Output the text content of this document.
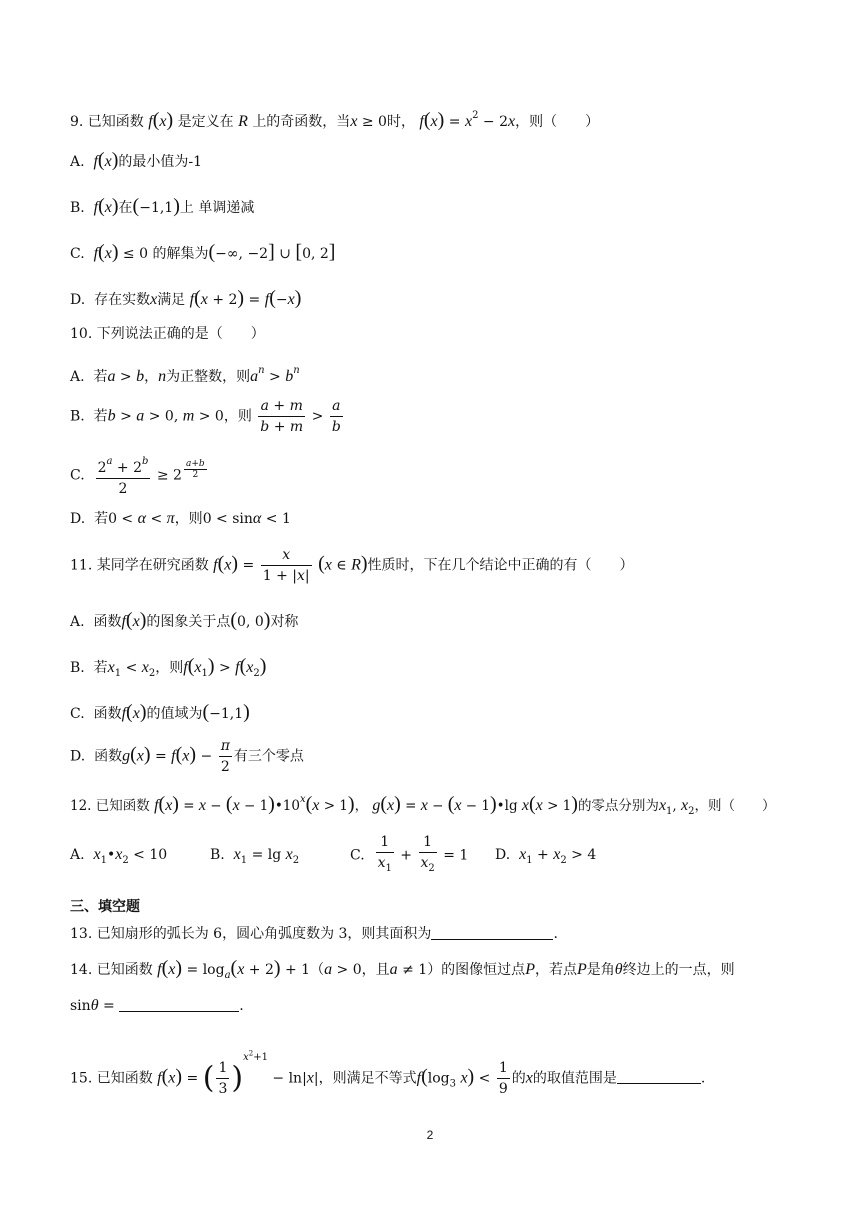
9. 已知函数 f(x) 是定义在 R 上的奇函数，当x ≥ 0时， $f(x) = x^2 - 2x$，则（　　）
A.  f(x)的最小值为-1
B.  f(x)在(−1,1)上 单调递减
C.  f(x) ≤ 0 的解集为(−∞, −2] ∪ [0, 2]
D.  存在实数x满足 f(x + 2) = f(−x)
10. 下列说法正确的是（　　）
A.  若a > b，n为正整数，则$a^n > b^n$
B.  若b > a > 0, m > 0，则 $\frac{a + m}{b + m} > \frac{a}{b}$
C. $\frac{2^a + 2^b}{2} \ge 2$ $^{\frac{a+b}{2}}$
D.  若0 < α < π，则0 < sinα < 1
11. 某同学在研究函数 $f(x) = \frac{x}{1 + |x|} (x$ ∈ R)性质时，下在几个结论中正确的有（　　）
A.  函数f(x)的图象关于点(0, 0)对称
B.  若$x_1 < x_2$，则$f(x_1) > f(x_2)$
C.  函数f(x)的值域为(−1,1)
D.  函数$g(x) = f(x) - \frac{\pi}{2}$ 有三个零点
12. 已知函数 $f(x) = x - (x - 1)•10^x(x > 1)$， g(x) = x − (x − 1)•lg x(x > 1)的零点分别为$x_1$, $x_2$，则（　　）
A.  $x_1•x_2 < 10$	B.  $x_1 = \lg x_2$	C. $\frac{1}{x_1} + \frac{1}{x_2} = 1$ D.  $x_1 + x_2 > 4$
三、填空题
13. 已知扇形的弧长为 6，圆心角弧度数为 3，则其面积为	.
14. 已知函数 $f(x) = \log_a(x + 2) + 1(a > 0$，且a ≠ 1）的图像恒过点P，若点P是角θ终边上的一点，则
sinθ =	.
15. 已知函数 f(x) = ( $\frac{1}{3} )^{x^2+1} - \ln|x|$，则满足不等式$f(\log_3$ $x) < \frac{1}{9}$ 的x的取值范围是	.
2
